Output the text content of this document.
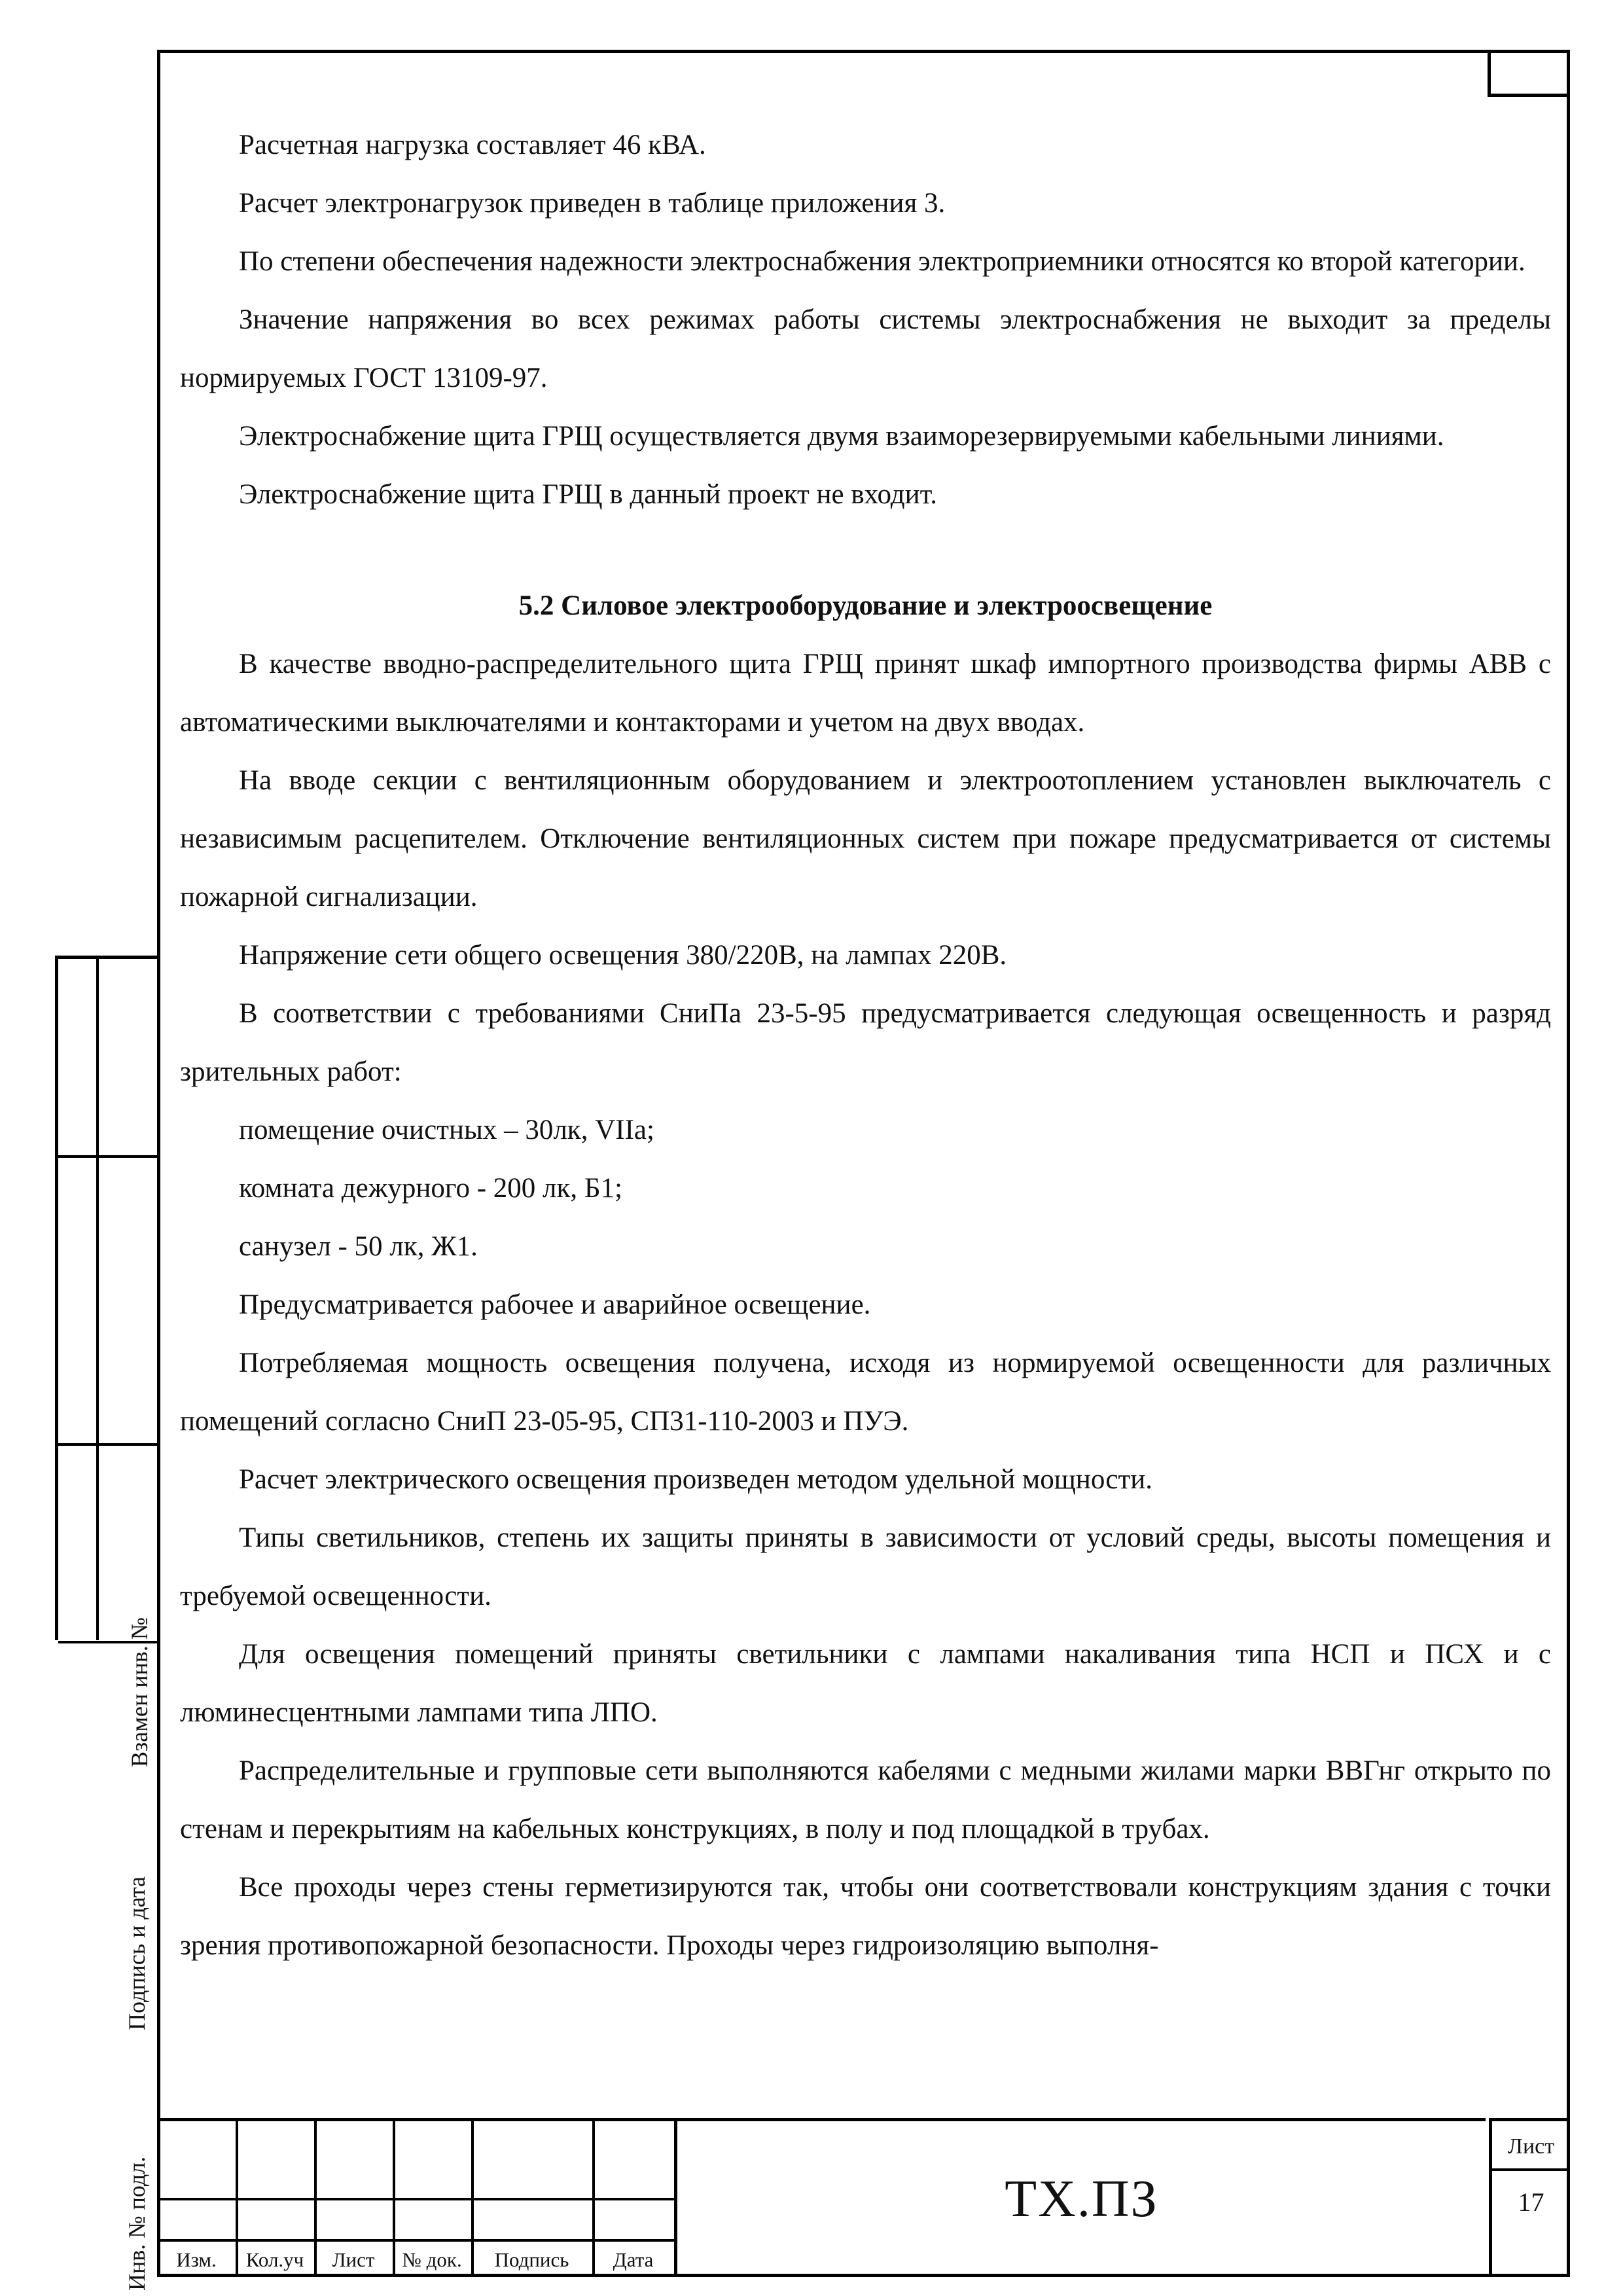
Расчетная нагрузка составляет 46 кВА.

Расчет электронагрузок приведен в таблице приложения 3.

По степени обеспечения надежности электроснабжения электроприемники относятся ко второй категории.

Значение напряжения во всех режимах работы системы электроснабжения не выходит за пределы нормируемых ГОСТ 13109-97.

Электроснабжение щита ГРЩ осуществляется двумя взаиморезервируемыми кабельными линиями.

Электроснабжение щита ГРЩ в данный проект не входит.

5.2 Силовое электрооборудование и электроосвещение

В качестве вводно-распределительного щита ГРЩ принят шкаф импортного производства фирмы АВВ с автоматическими выключателями и контакторами и учетом на двух вводах.

На вводе секции с вентиляционным оборудованием и электроотоплением установлен выключатель с независимым расцепителем. Отключение вентиляционных систем при пожаре предусматривается от системы пожарной сигнализации.

Напряжение сети общего освещения 380/220В, на лампах 220В.

В соответствии с требованиями СниПа 23-5-95 предусматривается следующая освещенность и разряд зрительных работ:

помещение очистных – 30лк, VIIа;

комната дежурного - 200 лк, Б1;

санузел - 50 лк, Ж1.

Предусматривается рабочее и аварийное освещение.

Потребляемая мощность освещения получена, исходя из нормируемой освещенности для различных помещений согласно СниП 23-05-95, СП31-110-2003 и ПУЭ.

Расчет электрического освещения произведен методом удельной мощности.

Типы светильников, степень их защиты приняты в зависимости от условий среды, высоты помещения и требуемой освещенности.

Для освещения помещений приняты светильники с лампами накаливания типа НСП и ПСХ и с люминесцентными лампами типа ЛПО.

Распределительные и групповые сети выполняются кабелями с медными жилами марки ВВГнг открыто по стенам и перекрытиям на кабельных конструкциях, в полу и под площадкой в трубах.

Все проходы через стены герметизируются так, чтобы они соответствовали конструкциям здания с точки зрения противопожарной безопасности. Проходы через гидроизоляцию выполня-

Взамен инв. №
Подпись и дата
Инв. № подл.	Изм.	Кол.уч	Лист	№ док.	Подпись	Дата
ТХ.ПЗ
Лист
17
